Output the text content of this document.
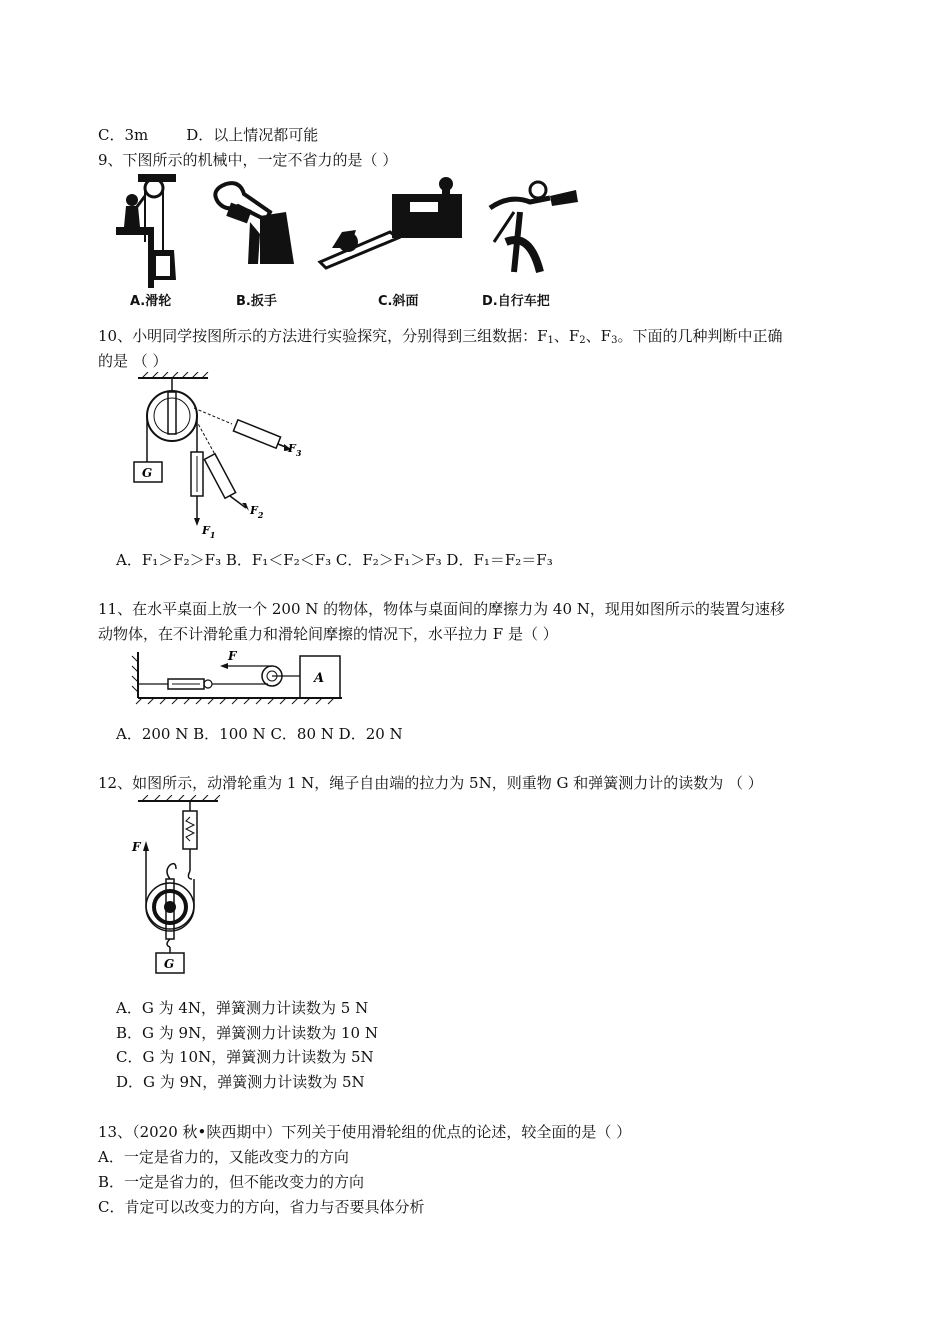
C．3m	D．以上情况都可能
9、下图所示的机械中，一定不省力的是（ ）
A.滑轮	B.扳手	C.斜面	D.自行车把
10、小明同学按图所示的方法进行实验探究，分别得到三组数据：$F_1$、$F_2$、$F_3$。下面的几种判断中正确
的是 （ ）
G
$F_1$
$F_2$
$F_3$
A．F₁＞F₂＞F₃ B．F₁＜F₂＜F₃ C．F₂＞F₁＞F₃ D．F₁＝F₂＝F₃
11、在水平桌面上放一个 200 N 的物体，物体与桌面间的摩擦力为 40 N，现用如图所示的装置匀速移
动物体，在不计滑轮重力和滑轮间摩擦的情况下，水平拉力 F 是（ ）
F
A
A．200 N B．100 N C．80 N D．20 N
12、如图所示，动滑轮重为 1 N，绳子自由端的拉力为 5N，则重物 G 和弹簧测力计的读数为 （ ）
F
G
A．G 为 4N，弹簧测力计读数为 5 N
B．G 为 9N，弹簧测力计读数为 10 N
C．G 为 10N，弹簧测力计读数为 5N
D．G 为 9N，弹簧测力计读数为 5N
13、（2020 秋•陕西期中）下列关于使用滑轮组的优点的论述，较全面的是（ ）
A．一定是省力的，又能改变力的方向
B．一定是省力的，但不能改变力的方向
C．肯定可以改变力的方向，省力与否要具体分析
